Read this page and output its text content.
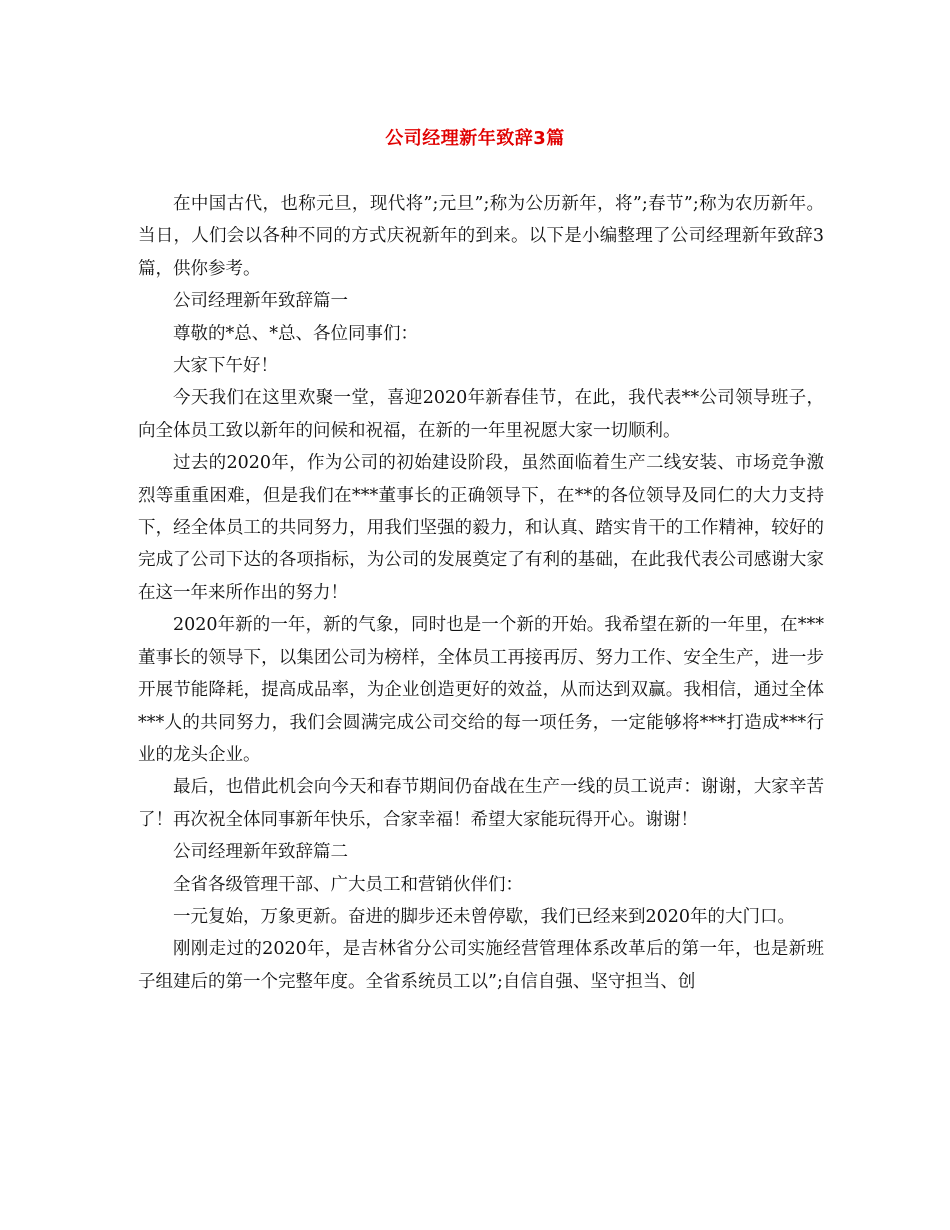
公司经理新年致辞3篇

在中国古代，也称元旦，现代将”;元旦”;称为公历新年，将”;春节”;称为农历新年。当日，人们会以各种不同的方式庆祝新年的到来。以下是小编整理了公司经理新年致辞3篇，供你参考。

公司经理新年致辞篇一

尊敬的*总、*总、各位同事们：

大家下午好！

今天我们在这里欢聚一堂，喜迎2020年新春佳节，在此，我代表**公司领导班子，向全体员工致以新年的问候和祝福，在新的一年里祝愿大家一切顺利。

过去的2020年，作为公司的初始建设阶段，虽然面临着生产二线安装、市场竞争激烈等重重困难，但是我们在***董事长的正确领导下，在**的各位领导及同仁的大力支持下，经全体员工的共同努力，用我们坚强的毅力，和认真、踏实肯干的工作精神，较好的完成了公司下达的各项指标，为公司的发展奠定了有利的基础，在此我代表公司感谢大家在这一年来所作出的努力！

2020年新的一年，新的气象，同时也是一个新的开始。我希望在新的一年里，在***董事长的领导下，以集团公司为榜样，全体员工再接再厉、努力工作、安全生产，进一步开展节能降耗，提高成品率，为企业创造更好的效益，从而达到双赢。我相信，通过全体***人的共同努力，我们会圆满完成公司交给的每一项任务，一定能够将***打造成***行业的龙头企业。

最后，也借此机会向今天和春节期间仍奋战在生产一线的员工说声：谢谢，大家辛苦了！再次祝全体同事新年快乐，合家幸福！希望大家能玩得开心。谢谢！

公司经理新年致辞篇二

全省各级管理干部、广大员工和营销伙伴们：

一元复始，万象更新。奋进的脚步还未曾停歇，我们已经来到2020年的大门口。

刚刚走过的2020年，是吉林省分公司实施经营管理体系改革后的第一年，也是新班子组建后的第一个完整年度。全省系统员工以”;自信自强、坚守担当、创
